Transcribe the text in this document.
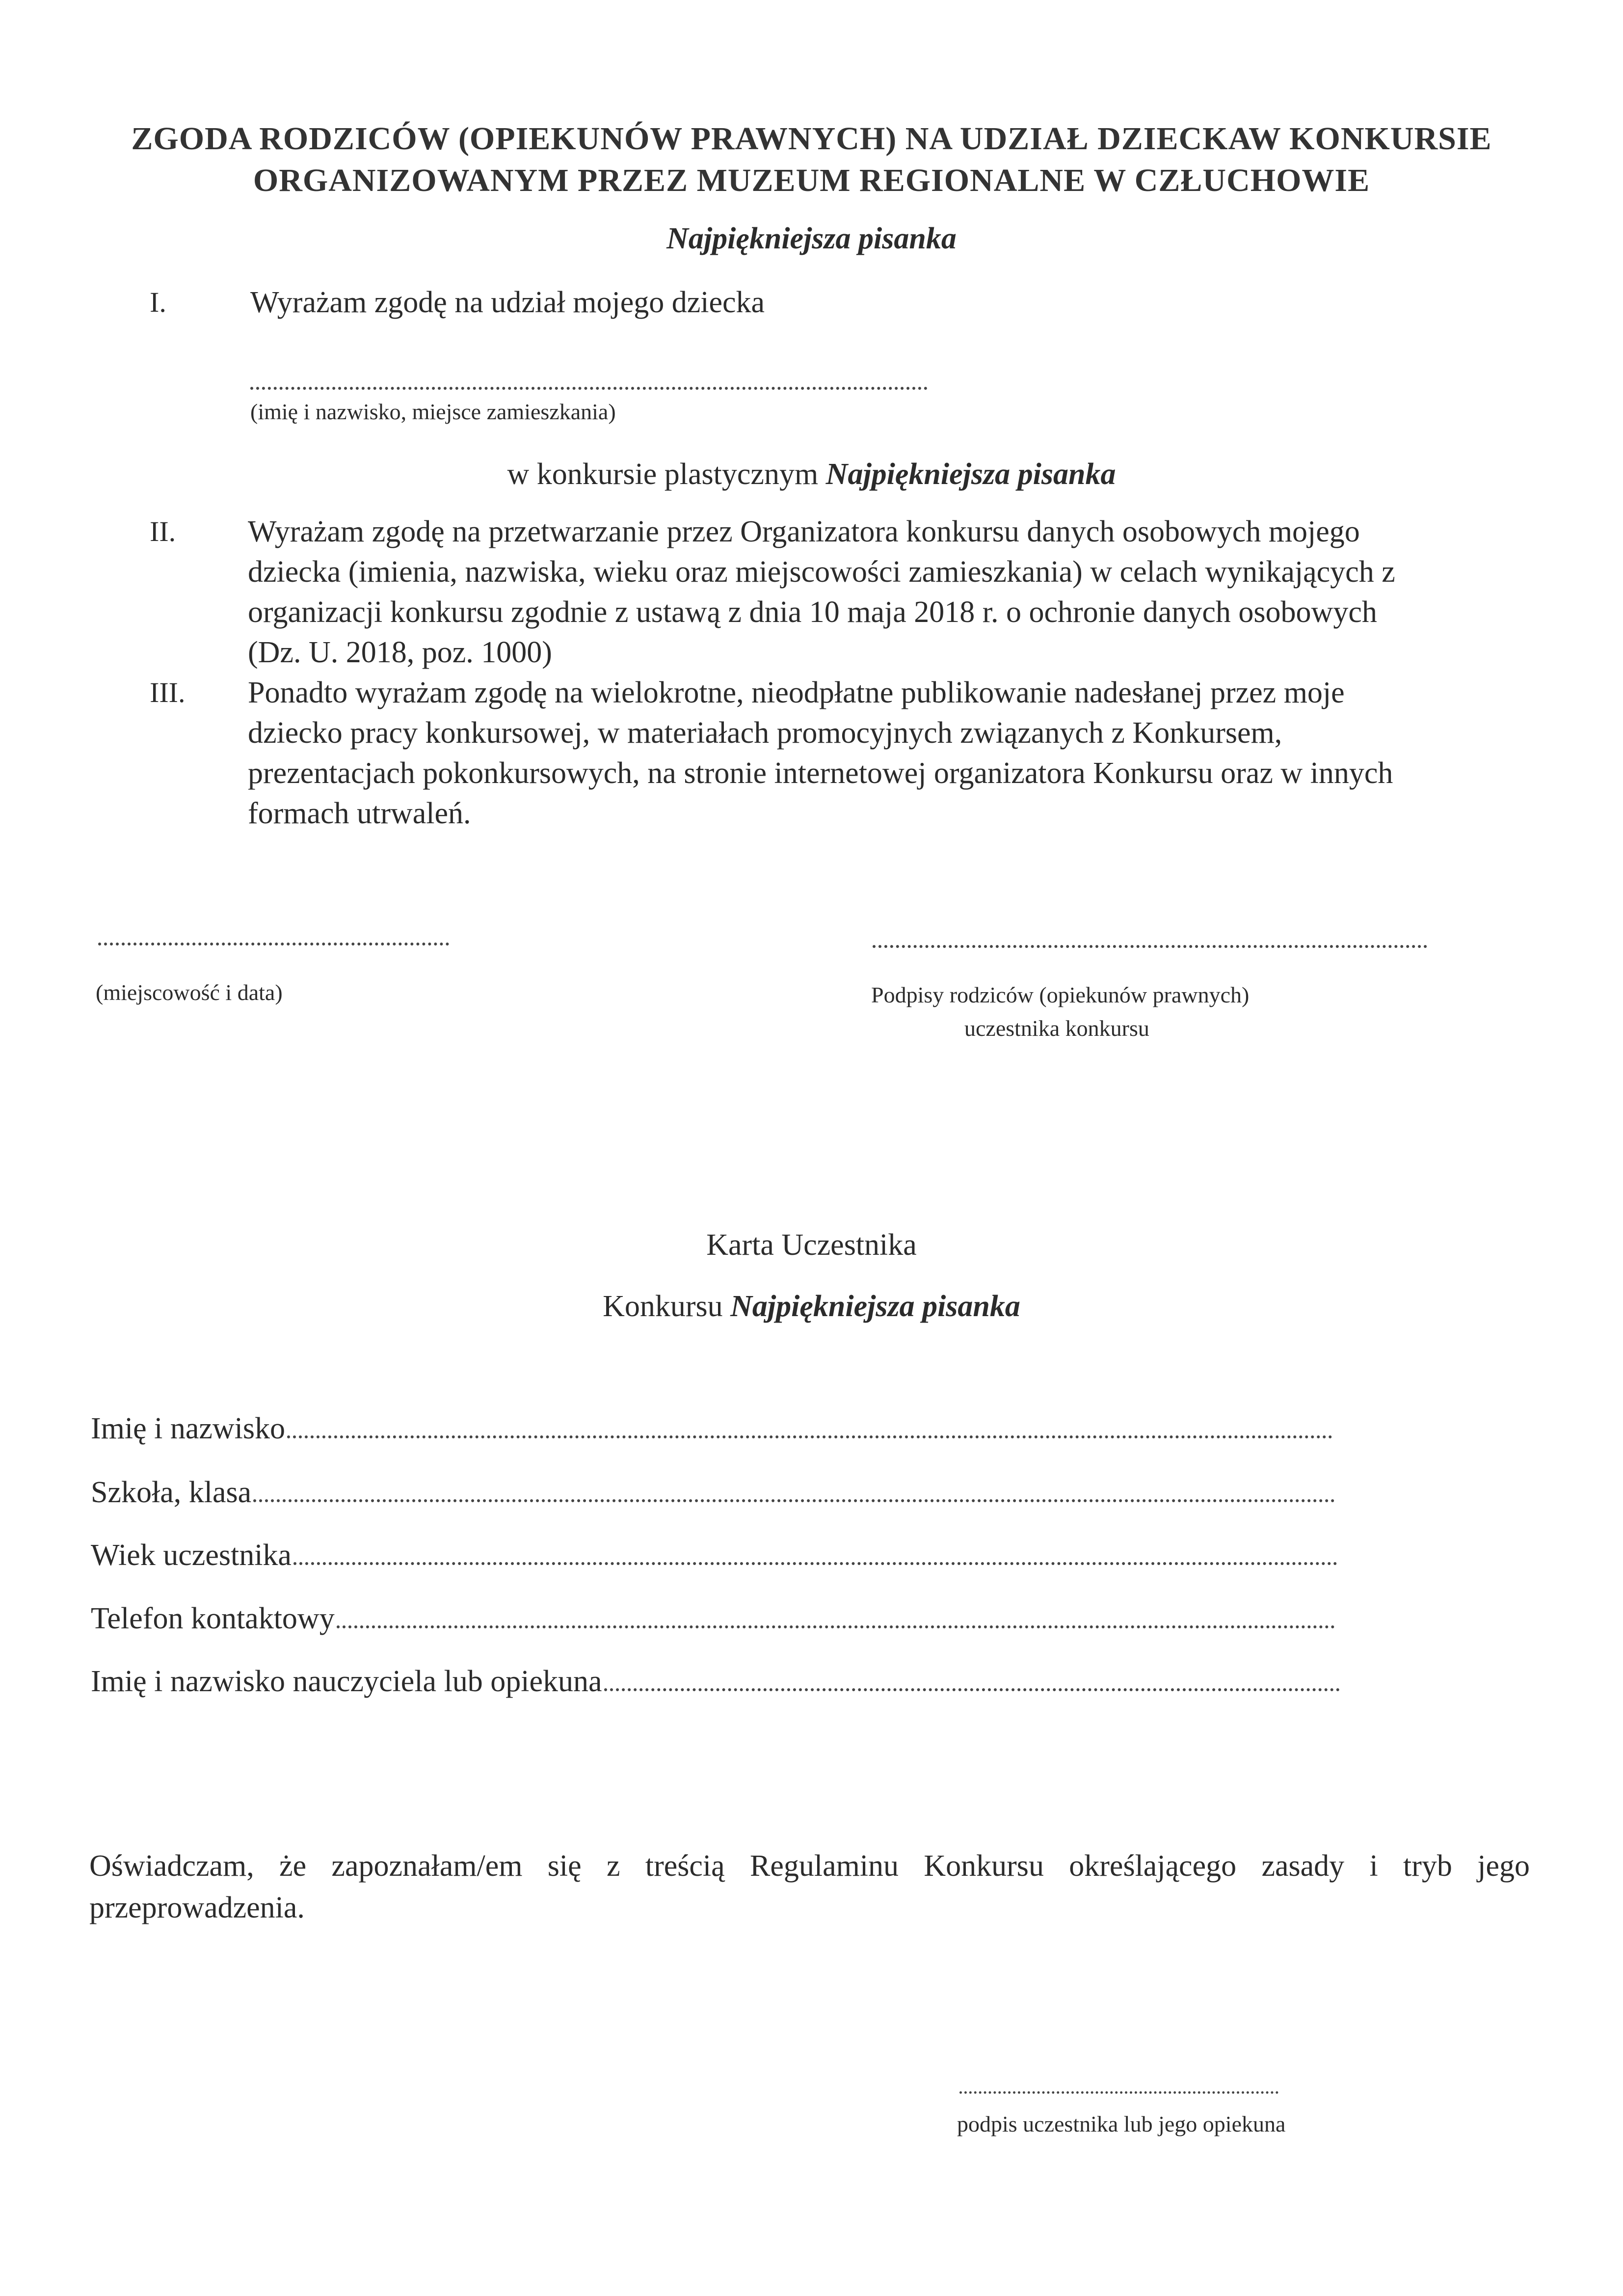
ZGODA RODZICÓW (OPIEKUNÓW PRAWNYCH) NA UDZIAŁ DZIECKAW KONKURSIE
ORGANIZOWANYM PRZEZ MUZEUM REGIONALNE W CZŁUCHOWIE
Najpiękniejsza pisanka
I.	Wyrażam zgodę na udział mojego dziecka
(imię i nazwisko, miejsce zamieszkania)
w konkursie plastycznym Najpiękniejsza pisanka
II. Wyrażam zgodę na przetwarzanie przez Organizatora konkursu danych osobowych mojego
dziecka (imienia, nazwiska, wieku oraz miejscowości zamieszkania) w celach wynikających z
organizacji konkursu zgodnie z ustawą z dnia 10 maja 2018 r. o ochronie danych osobowych
(Dz. U. 2018, poz. 1000)
III. Ponadto wyrażam zgodę na wielokrotne, nieodpłatne publikowanie nadesłanej przez moje
dziecko pracy konkursowej, w materiałach promocyjnych związanych z Konkursem,
prezentacjach pokonkursowych, na stronie internetowej organizatora Konkursu oraz w innych
formach utrwaleń.
(miejscowość i data)	Podpisy rodziców (opiekunów prawnych)
uczestnika konkursu
Karta Uczestnika
Konkursu Najpiękniejsza pisanka
Imię i nazwisko
Szkoła, klasa
Wiek uczestnika
Telefon kontaktowy
Imię i nazwisko nauczyciela lub opiekuna
Oświadczam, że zapoznałam/em się z treścią Regulaminu Konkursu określającego zasady i tryb jego
przeprowadzenia.
podpis uczestnika lub jego opiekuna
